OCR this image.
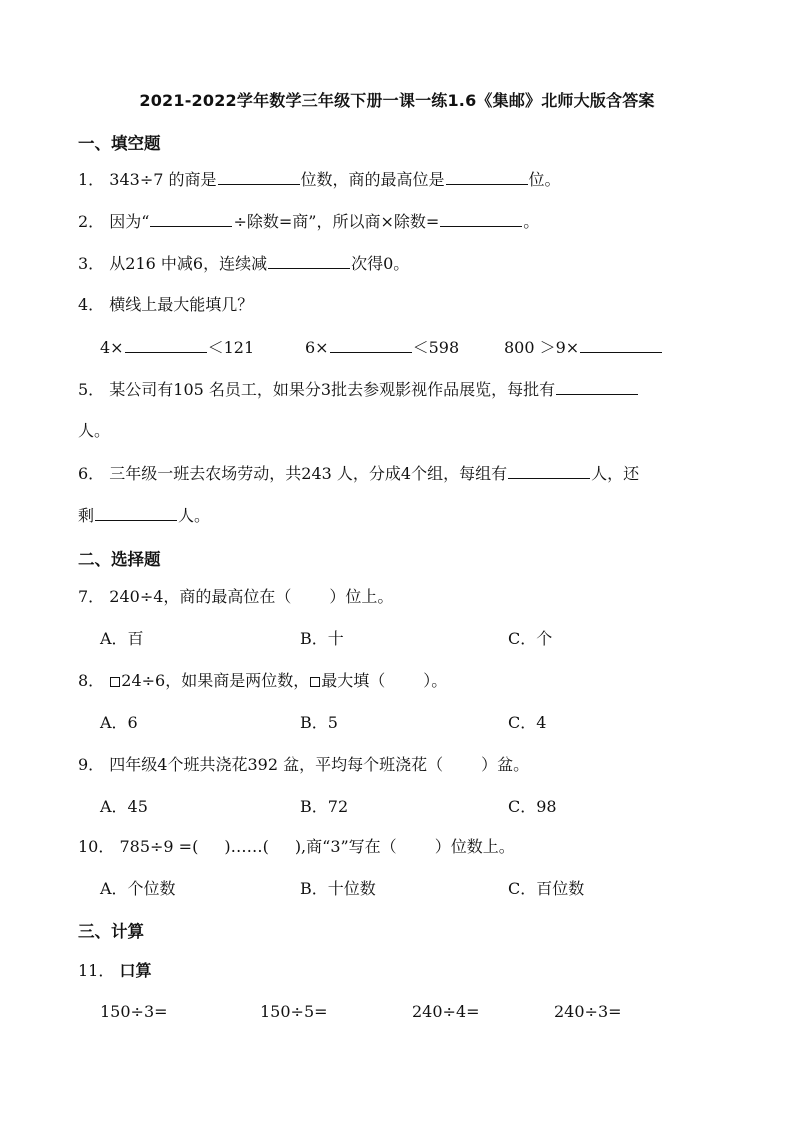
2021-2022学年数学三年级下册一课一练1.6《集邮》北师大版含答案
一、填空题
1． 343÷7 的商是	位数，商的最高位是	位。
2． 因为“	÷除数=商”，所以商×除数=	。
3． 从216 中减6，连续减	次得0。
4． 横线上最大能填几？
4×	＜121	6×	＜598	800 ＞9×
5． 某公司有105 名员工，如果分3批去参观影视作品展览，每批有
人。
6． 三年级一班去农场劳动，共243 人，分成4个组，每组有	人，还
剩	人。
二、选择题
7． 240÷4，商的最高位在（ ）位上。
A．百	B．十	C．个
8． 24÷6，如果商是两位数， 最大填（ ）。
A．6	B．5	C．4
9． 四年级4个班共浇花392 盆，平均每个班浇花（ ）盆。
A．45	B．72	C．98
10． 785÷9 =( )……( ),商“3”写在（ ）位数上。
A．个位数	B．十位数	C．百位数
三、计算
11． 口算
150÷3=	150÷5=	240÷4=	240÷3=
